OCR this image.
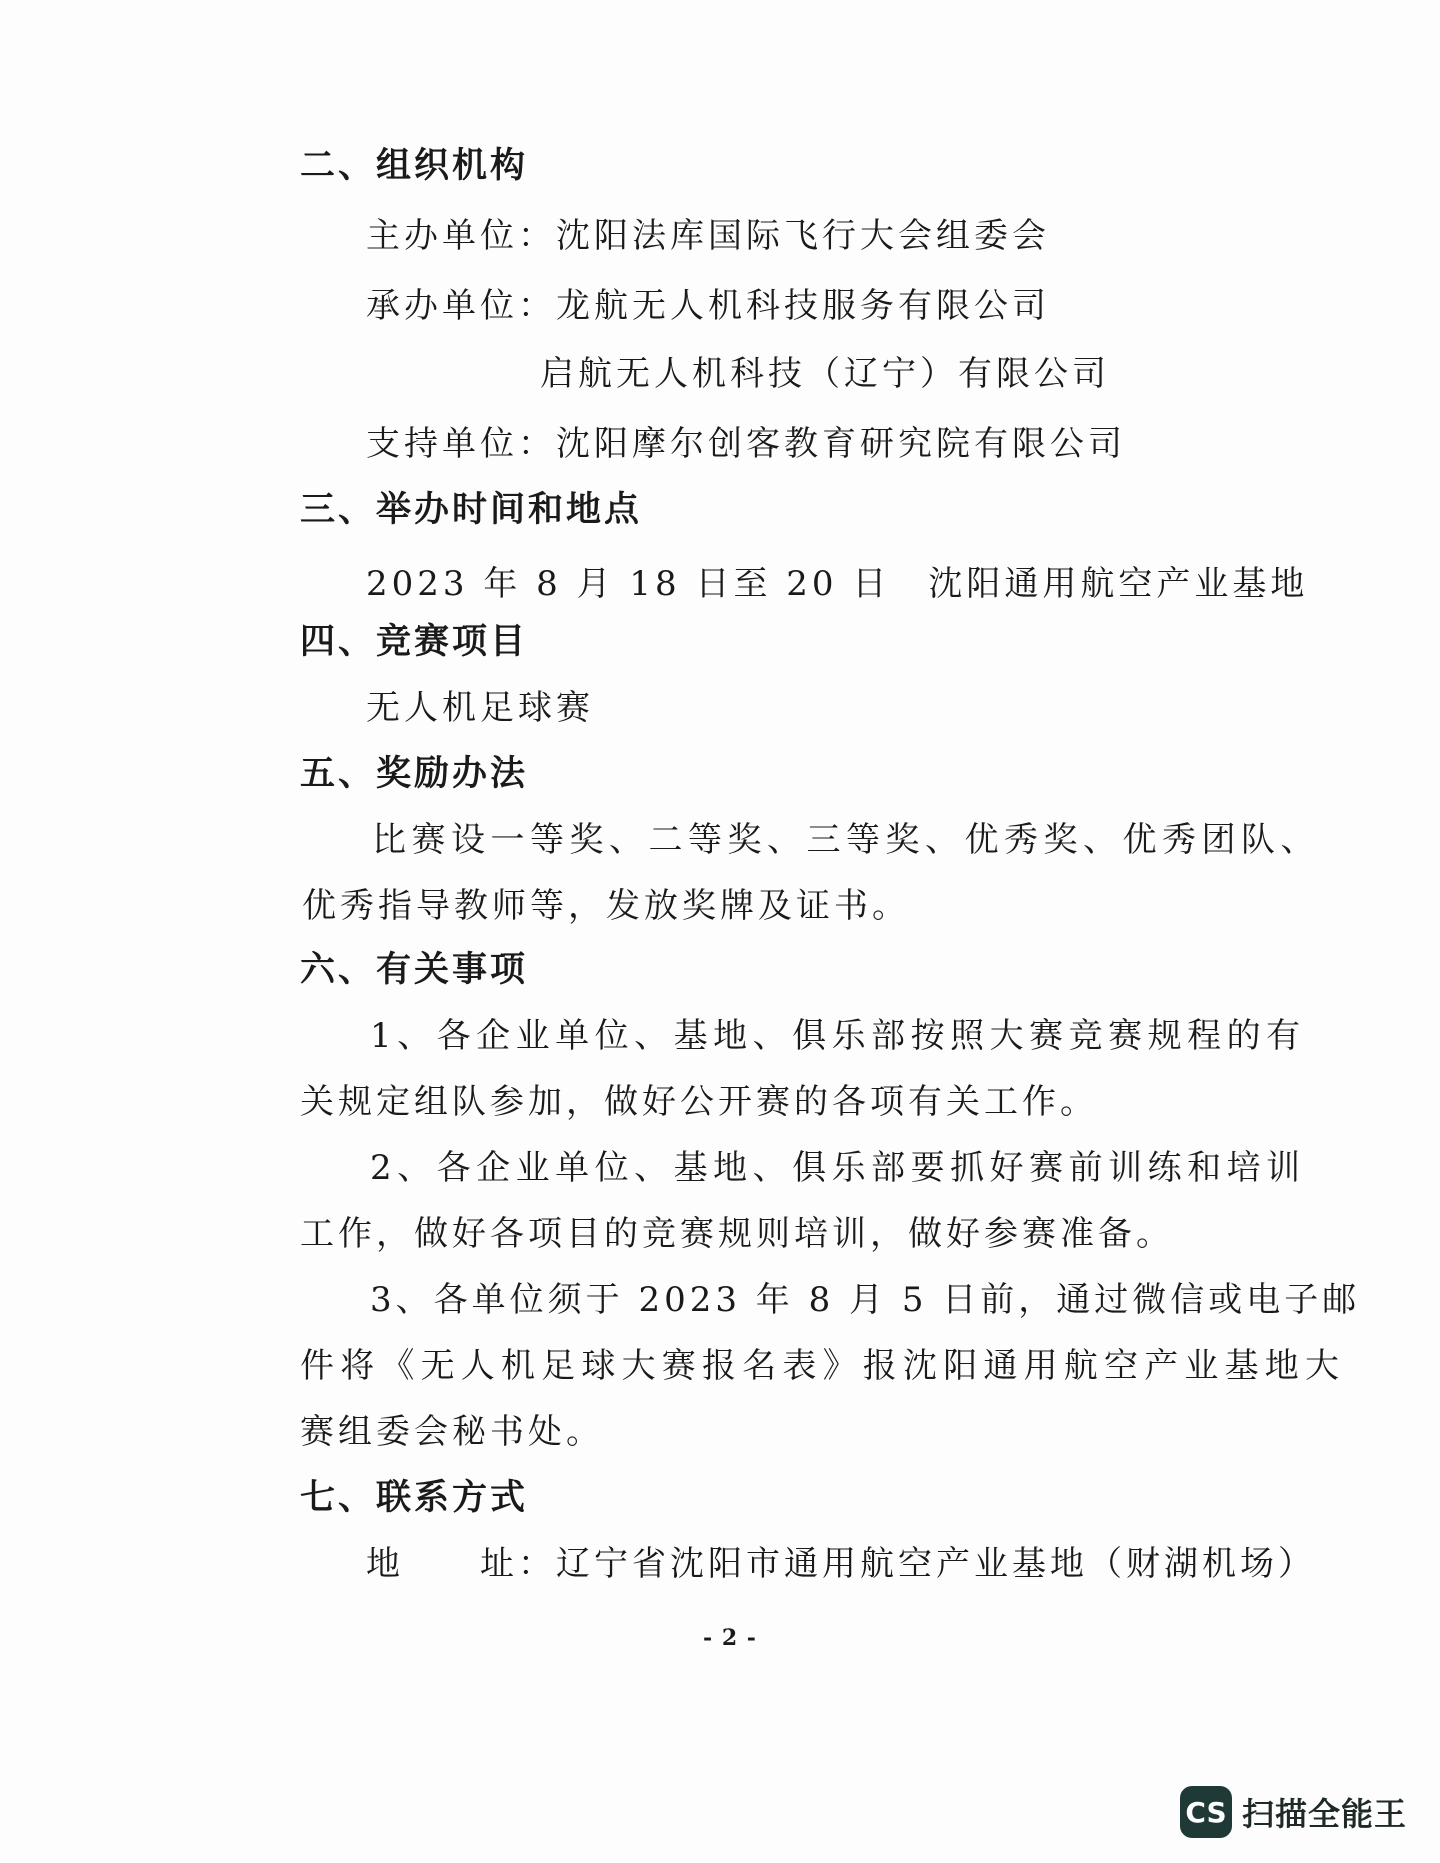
二、组织机构
主办单位：沈阳法库国际飞行大会组委会
承办单位：龙航无人机科技服务有限公司
启航无人机科技（辽宁）有限公司
支持单位：沈阳摩尔创客教育研究院有限公司
三、举办时间和地点
2023 年 8 月 18 日至 20 日　沈阳通用航空产业基地
四、竞赛项目
无人机足球赛
五、奖励办法
比赛设一等奖、二等奖、三等奖、优秀奖、优秀团队、
优秀指导教师等，发放奖牌及证书。
六、有关事项
1、各企业单位、基地、俱乐部按照大赛竞赛规程的有
关规定组队参加，做好公开赛的各项有关工作。
2、各企业单位、基地、俱乐部要抓好赛前训练和培训
工作，做好各项目的竞赛规则培训，做好参赛准备。
3、各单位须于 2023 年 8 月 5 日前，通过微信或电子邮
件将《无人机足球大赛报名表》报沈阳通用航空产业基地大
赛组委会秘书处。
七、联系方式
地　　址：辽宁省沈阳市通用航空产业基地（财湖机场）
- 2 -
CS 扫描全能王
